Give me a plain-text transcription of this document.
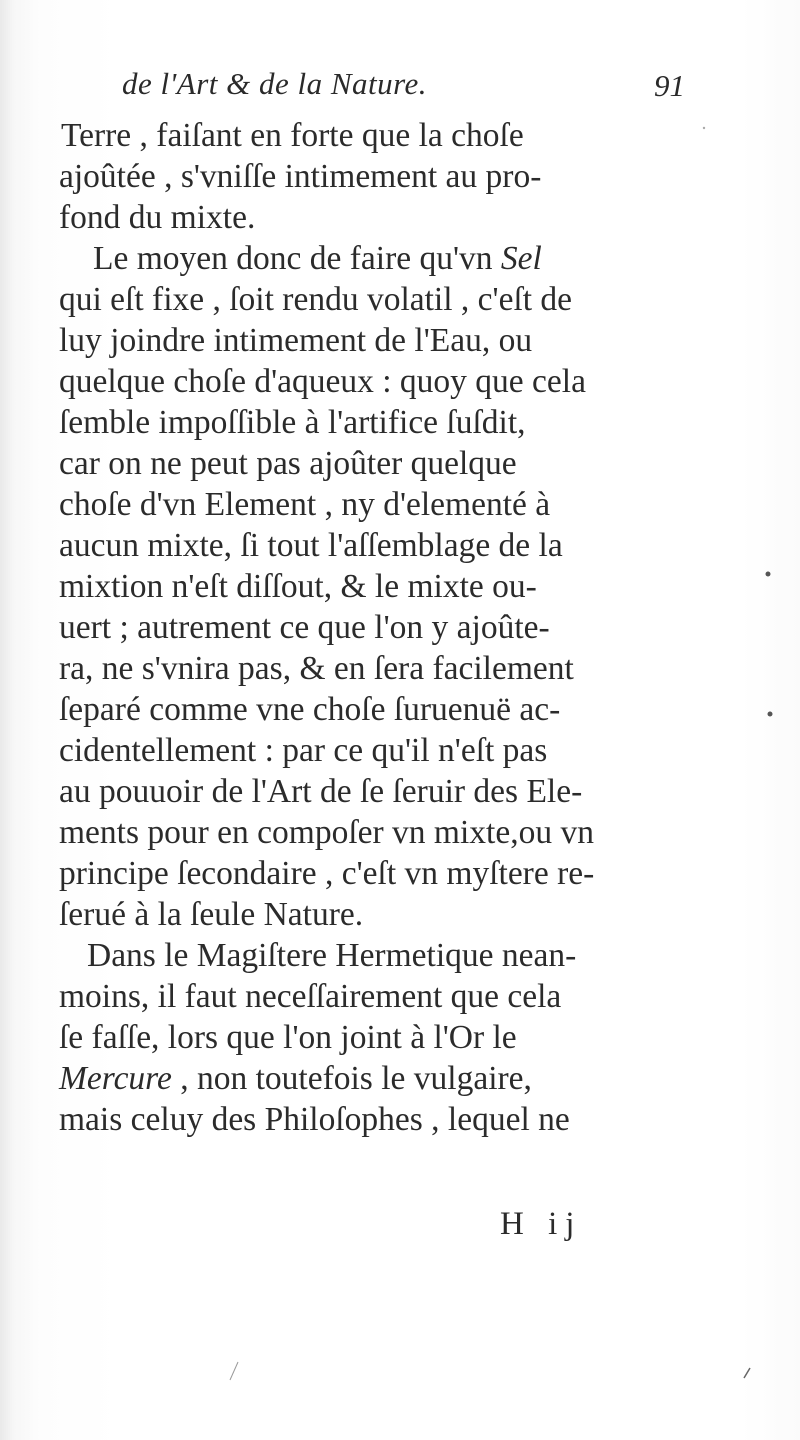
de l'Art & de la Nature.	91
Terre , faiſant en forte que la choſe
ajoûtée , s'vniſſe intimement au pro-
fond du mixte.
Le moyen donc de faire qu'vn Sel
qui eſt fixe , ſoit rendu volatil , c'eſt de
luy joindre intimement de l'Eau, ou
quelque choſe d'aqueux : quoy que cela
ſemble impoſſible à l'artifice ſuſdit,
car on ne peut pas ajoûter quelque
choſe d'vn Element , ny d'elementé à
aucun mixte, ſi tout l'aſſemblage de la
mixtion n'eſt diſſout, & le mixte ou-
uert ; autrement ce que l'on y ajoûte-
ra, ne s'vnira pas, & en ſera facilement
ſeparé comme vne choſe ſuruenuë ac-
cidentellement : par ce qu'il n'eſt pas
au pouuoir de l'Art de ſe ſeruir des Ele-
ments pour en compoſer vn mixte,ou vn
principe ſecondaire , c'eſt vn myſtere re-
ſerué à la ſeule Nature.
Dans le Magiſtere Hermetique nean-
moins, il faut neceſſairement que cela
ſe faſſe, lors que l'on joint à l'Or le
Mercure , non toutefois le vulgaire,
mais celuy des Philoſophes , lequel ne
H ij
